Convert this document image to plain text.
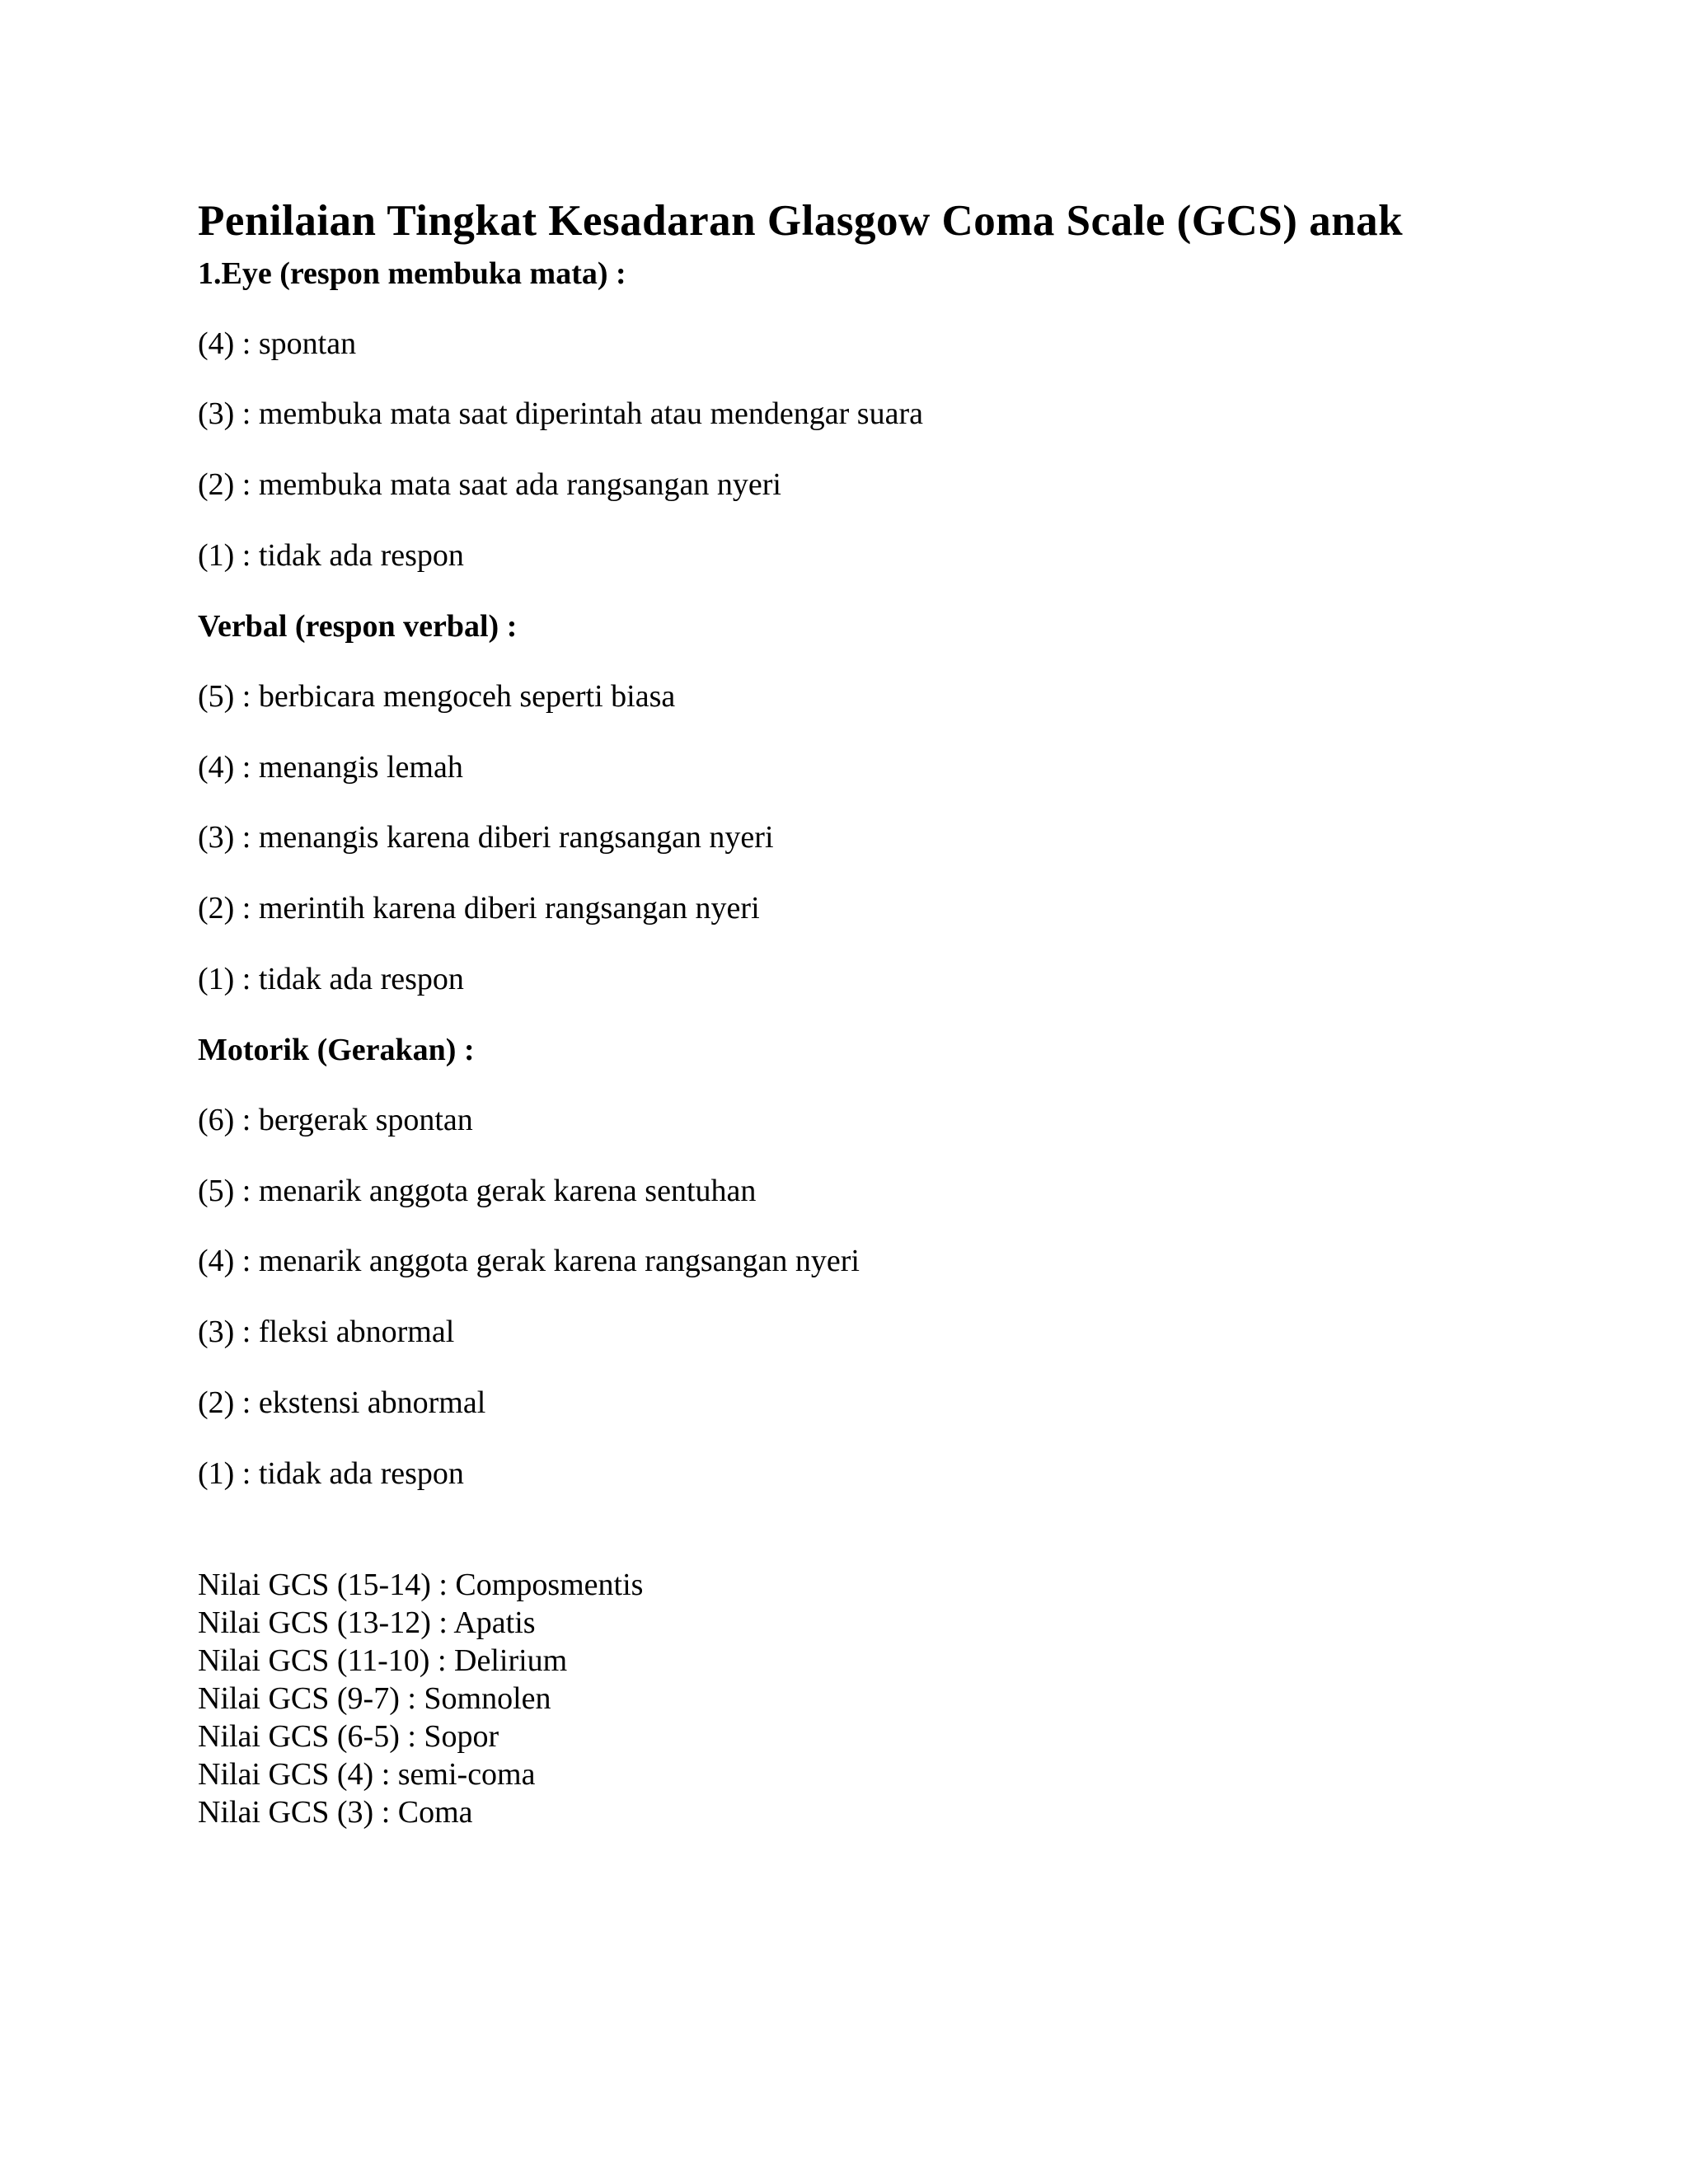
Penilaian Tingkat Kesadaran Glasgow Coma Scale (GCS) anak
1.Eye (respon membuka mata) :
(4) : spontan
(3) : membuka mata saat diperintah atau mendengar suara
(2) : membuka mata saat ada rangsangan nyeri
(1) : tidak ada respon
Verbal (respon verbal) :
(5) : berbicara mengoceh seperti biasa
(4) : menangis lemah
(3) : menangis karena diberi rangsangan nyeri
(2) : merintih karena diberi rangsangan nyeri
(1) : tidak ada respon
Motorik (Gerakan) :
(6) : bergerak spontan
(5) : menarik anggota gerak karena sentuhan
(4) : menarik anggota gerak karena rangsangan nyeri
(3) : fleksi abnormal
(2) : ekstensi abnormal
(1) : tidak ada respon
Nilai GCS (15-14) : Composmentis
Nilai GCS (13-12) : Apatis
Nilai GCS (11-10) : Delirium
Nilai GCS (9-7) : Somnolen
Nilai GCS (6-5) : Sopor
Nilai GCS (4) : semi-coma
Nilai GCS (3) : Coma
